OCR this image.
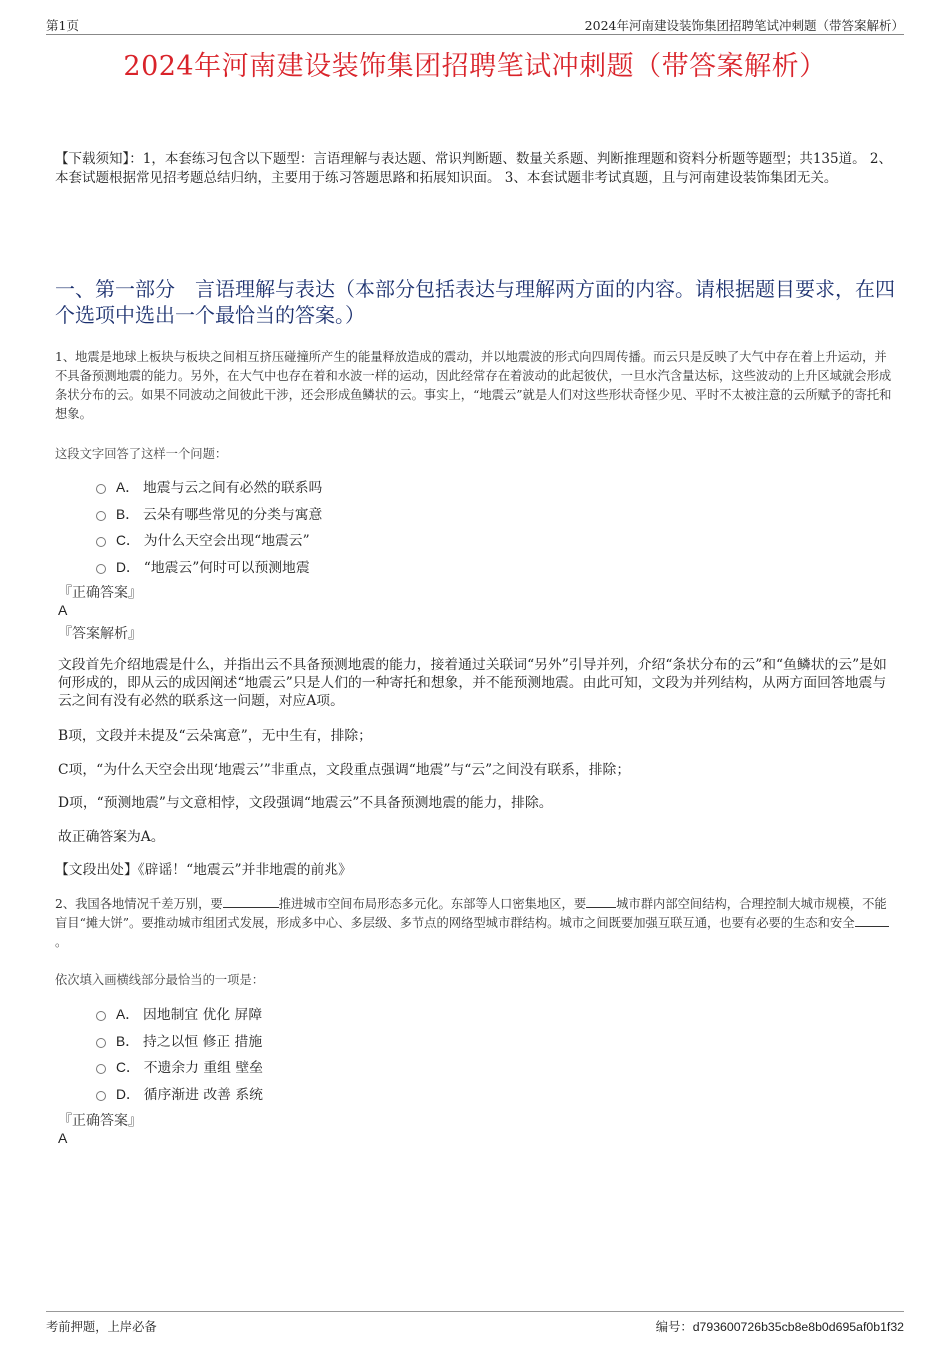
第1页	2024年河南建设装饰集团招聘笔试冲刺题（带答案解析）
2024年河南建设装饰集团招聘笔试冲刺题（带答案解析）
【下载须知】：1，本套练习包含以下题型：言语理解与表达题、常识判断题、数量关系题、判断推理题和资料分析题等题型；共135道。 2、本套试题根据常见招考题总结归纳，主要用于练习答题思路和拓展知识面。 3、本套试题非考试真题，且与河南建设装饰集团无关。
一、第一部分　言语理解与表达（本部分包括表达与理解两方面的内容。请根据题目要求，在四个选项中选出一个最恰当的答案。）
1、地震是地球上板块与板块之间相互挤压碰撞所产生的能量释放造成的震动，并以地震波的形式向四周传播。而云只是反映了大气中存在着上升运动，并不具备预测地震的能力。另外，在大气中也存在着和水波一样的运动，因此经常存在着波动的此起彼伏，一旦水汽含量达标，这些波动的上升区域就会形成条状分布的云。如果不同波动之间彼此干涉，还会形成鱼鳞状的云。事实上，“地震云”就是人们对这些形状奇怪少见、平时不太被注意的云所赋予的寄托和想象。
这段文字回答了这样一个问题：
A． 地震与云之间有必然的联系吗
B． 云朵有哪些常见的分类与寓意
C． 为什么天空会出现“地震云”
D． “地震云”何时可以预测地震
『正确答案』
A
『答案解析』
文段首先介绍地震是什么，并指出云不具备预测地震的能力，接着通过关联词“另外”引导并列，介绍“条状分布的云”和“鱼鳞状的云”是如何形成的，即从云的成因阐述“地震云”只是人们的一种寄托和想象，并不能预测地震。由此可知，文段为并列结构，从两方面回答地震与云之间有没有必然的联系这一问题，对应A项。
B项，文段并未提及“云朵寓意”，无中生有，排除；
C项，“为什么天空会出现‘地震云’”非重点，文段重点强调“地震”与“云”之间没有联系，排除；
D项，“预测地震”与文意相悖，文段强调“地震云”不具备预测地震的能力，排除。
故正确答案为A。
【文段出处】《辟谣！“地震云”并非地震的前兆》
2、我国各地情况千差万别，要	推进城市空间布局形态多元化。东部等人口密集地区，要 城市群内部空间结构，合理控制大城市规模，不能盲目“摊大饼”。要推动城市组团式发展，形成多中心、多层级、多节点的网络型城市群结构。城市之间既要加强互联互通，也要有必要的生态和安全。
依次填入画横线部分最恰当的一项是：
A． 因地制宜 优化 屏障
B． 持之以恒 修正 措施
C． 不遗余力 重组 壁垒
D． 循序渐进 改善 系统
『正确答案』
A
考前押题，上岸必备	编号：d793600726b35cb8e8b0d695af0b1f32
